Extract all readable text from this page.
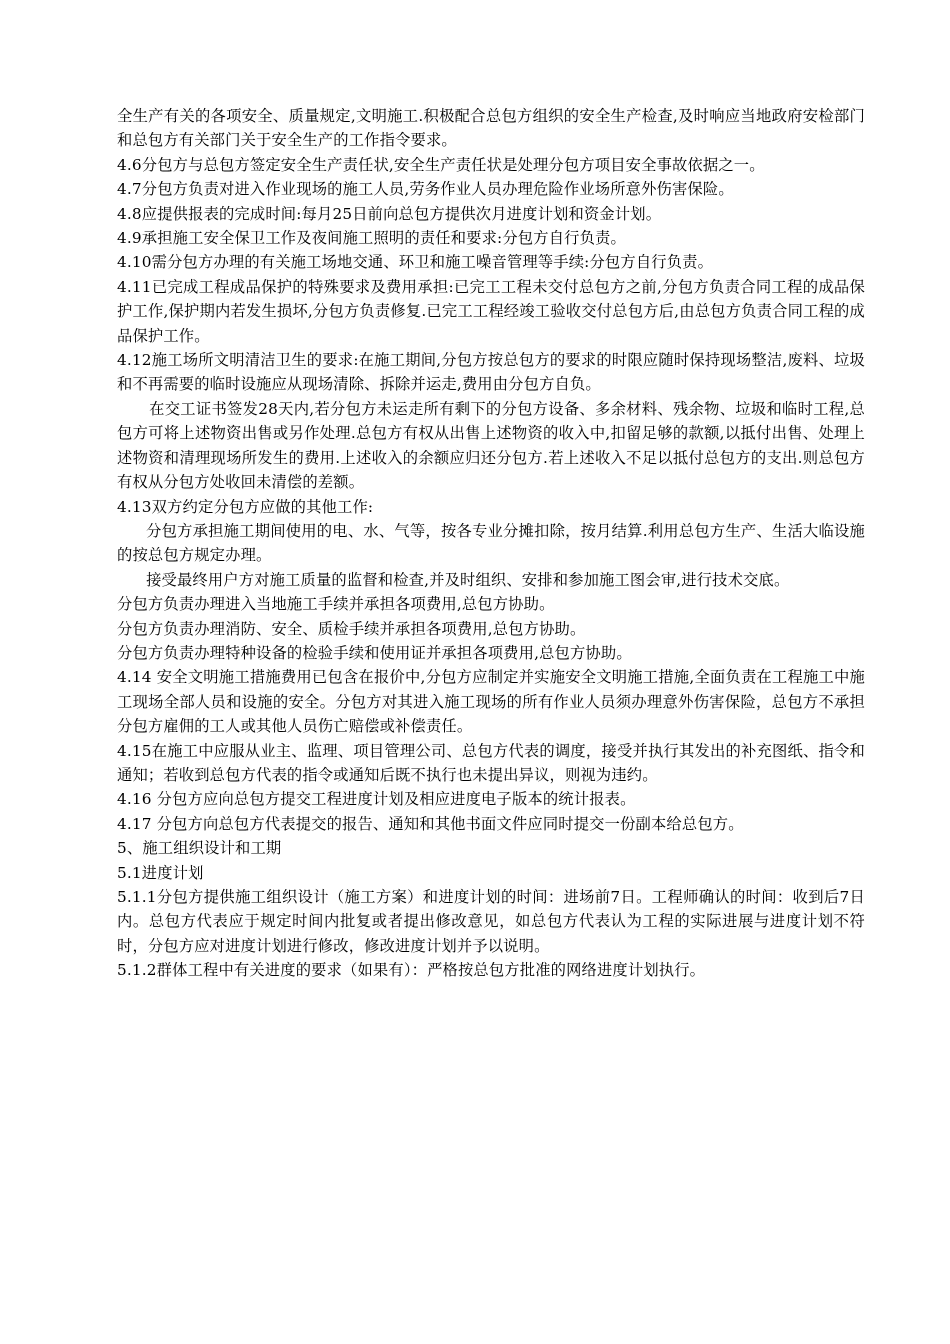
全生产有关的各项安全、质量规定,文明施工.积极配合总包方组织的安全生产检查,及时响应当地政府安检部门和总包方有关部门关于安全生产的工作指令要求。

4.6分包方与总包方签定安全生产责任状,安全生产责任状是处理分包方项目安全事故依据之一。

4.7分包方负责对进入作业现场的施工人员,劳务作业人员办理危险作业场所意外伤害保险。

4.8应提供报表的完成时间:每月25日前向总包方提供次月进度计划和资金计划。

4.9承担施工安全保卫工作及夜间施工照明的责任和要求:分包方自行负责。

4.10需分包方办理的有关施工场地交通、环卫和施工噪音管理等手续:分包方自行负责。

4.11已完成工程成品保护的特殊要求及费用承担:已完工工程未交付总包方之前,分包方负责合同工程的成品保护工作,保护期内若发生损坏,分包方负责修复.已完工工程经竣工验收交付总包方后,由总包方负责合同工程的成品保护工作。

4.12施工场所文明清洁卫生的要求:在施工期间,分包方按总包方的要求的时限应随时保持现场整洁,废料、垃圾和不再需要的临时设施应从现场清除、拆除并运走,费用由分包方自负。

在交工证书签发28天内,若分包方未运走所有剩下的分包方设备、多余材料、残余物、垃圾和临时工程,总包方可将上述物资出售或另作处理.总包方有权从出售上述物资的收入中,扣留足够的款额,以抵付出售、处理上述物资和清理现场所发生的费用.上述收入的余额应归还分包方.若上述收入不足以抵付总包方的支出.则总包方有权从分包方处收回未清偿的差额。

4.13双方约定分包方应做的其他工作:

分包方承担施工期间使用的电、水、气等，按各专业分摊扣除，按月结算.利用总包方生产、生活大临设施的按总包方规定办理。

接受最终用户方对施工质量的监督和检查,并及时组织、安排和参加施工图会审,进行技术交底。

分包方负责办理进入当地施工手续并承担各项费用,总包方协助。

分包方负责办理消防、安全、质检手续并承担各项费用,总包方协助。

分包方负责办理特种设备的检验手续和使用证并承担各项费用,总包方协助。

4.14 安全文明施工措施费用已包含在报价中,分包方应制定并实施安全文明施工措施,全面负责在工程施工中施工现场全部人员和设施的安全。分包方对其进入施工现场的所有作业人员须办理意外伤害保险，总包方不承担分包方雇佣的工人或其他人员伤亡赔偿或补偿责任。

4.15在施工中应服从业主、监理、项目管理公司、总包方代表的调度，接受并执行其发出的补充图纸、指令和通知；若收到总包方代表的指令或通知后既不执行也未提出异议，则视为违约。

4.16 分包方应向总包方提交工程进度计划及相应进度电子版本的统计报表。

4.17 分包方向总包方代表提交的报告、通知和其他书面文件应同时提交一份副本给总包方。

5、施工组织设计和工期

5.1进度计划

5.1.1分包方提供施工组织设计（施工方案）和进度计划的时间：进场前7日。工程师确认的时间：收到后7日内。总包方代表应于规定时间内批复或者提出修改意见，如总包方代表认为工程的实际进展与进度计划不符时，分包方应对进度计划进行修改，修改进度计划并予以说明。

5.1.2群体工程中有关进度的要求（如果有）：严格按总包方批准的网络进度计划执行。
